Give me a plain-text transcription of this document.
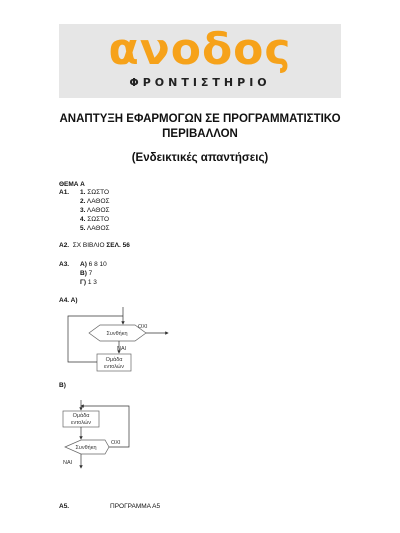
ανοδος
ΦΡΟΝΤΙΣΤΗΡΙΟ
ΑΝΑΠΤΥΞΗ ΕΦΑΡΜΟΓΩΝ ΣΕ ΠΡΟΓΡΑΜΜΑΤΙΣΤΙΚΟ
ΠΕΡΙΒΑΛΛΟΝ
(Ενδεικτικές απαντήσεις)
ΘΕΜΑ Α
Α1. 1. ΣΩΣΤΟ
2. ΛΑΘΟΣ
3. ΛΑΘΟΣ
4. ΣΩΣΤΟ
5. ΛΑΘΟΣ
Α2. ΣΧ ΒΙΒΛΙΟ ΣΕΛ. 56
Α3. Α) 6 8 10
Β) 7
Γ) 1 3
Α4. Α)
Συνθήκη
ΟΧΙ
ΝΑΙ
Ομάδα
εντολών
Β)
Ομάδα
εντολών
Συνθήκη
ΟΧΙ
ΝΑΙ
Α5.	ΠΡΟΓΡΑΜΜΑ Α5
